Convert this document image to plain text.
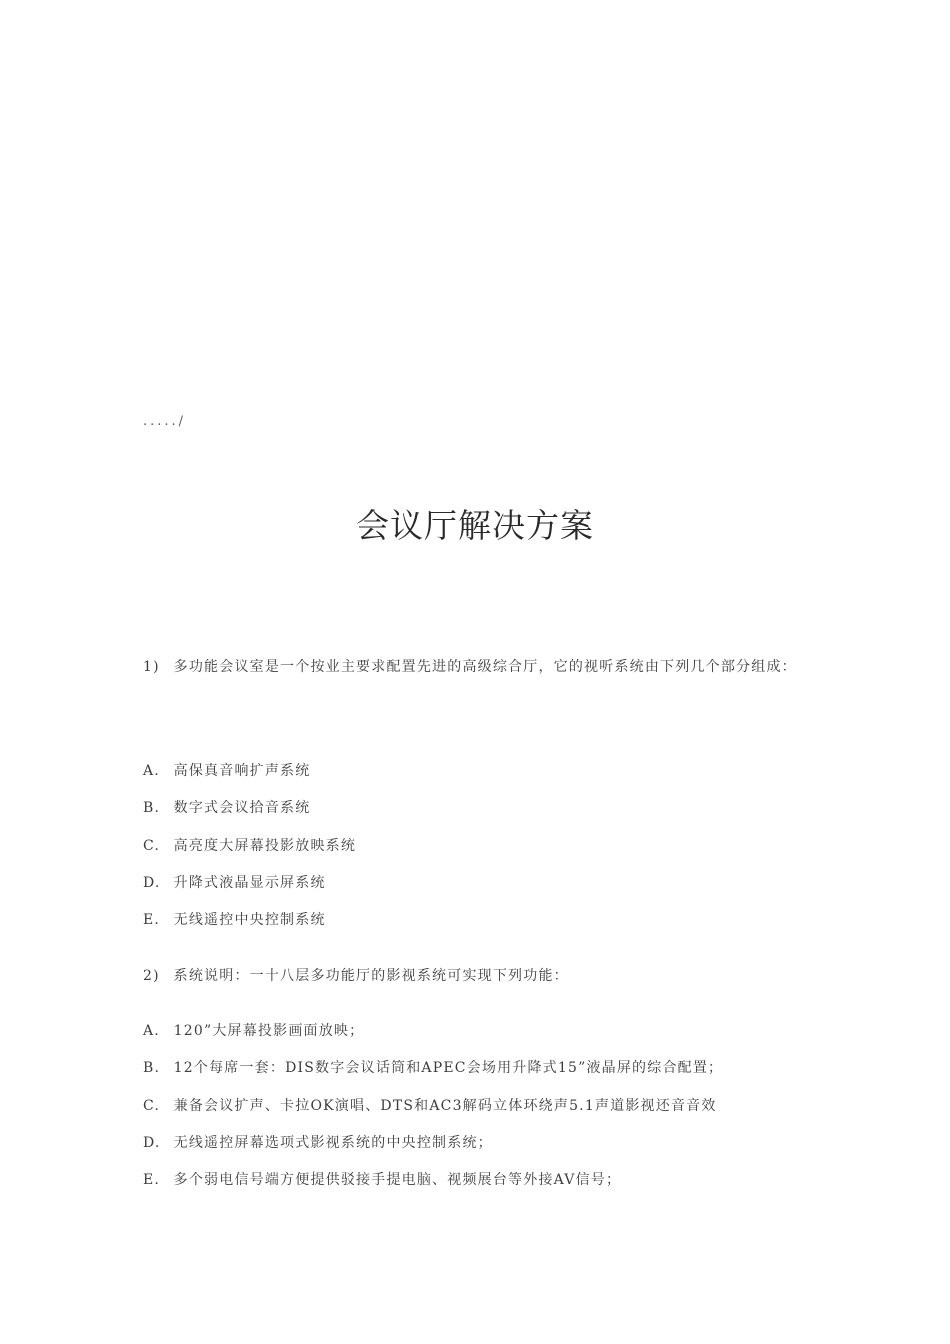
...../
会议厅解决方案
1) 多功能会议室是一个按业主要求配置先进的高级综合厅，它的视听系统由下列几个部分组成：
A. 高保真音响扩声系统
B. 数字式会议拾音系统
C. 高亮度大屏幕投影放映系统
D. 升降式液晶显示屏系统
E. 无线遥控中央控制系统
2) 系统说明：一十八层多功能厅的影视系统可实现下列功能：
A. 120”大屏幕投影画面放映；
B. 12个每席一套：DIS数字会议话筒和APEC会场用升降式15”液晶屏的综合配置；
C. 兼备会议扩声、卡拉OK演唱、DTS和AC3解码立体环绕声5.1声道影视还音音效
D. 无线遥控屏幕选项式影视系统的中央控制系统；
E. 多个弱电信号端方便提供驳接手提电脑、视频展台等外接AV信号；
